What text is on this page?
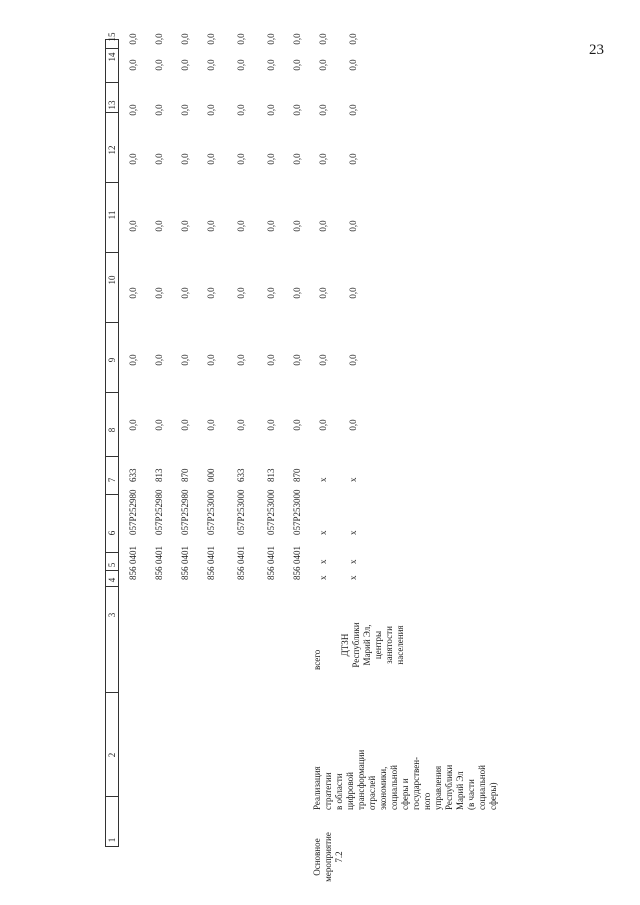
23
1
2
3
4
5
6
7
8
9
10
11
12
13
14
15
Основное мероприятие 7.2
Реализация стратегии в области цифровой трансформации отраслей экономики, социальной сферы и государствен- ного управления Республики Марий Эл (в части социальной сферы)
всего
ДТЗН Республики Марий Эл, центры занятости населения
856
0401
057P252980
633
0,0
0,0
0,0
0,0
0,0
0,0
0,0
0,0
856
0401
057P252980
813
0,0
0,0
0,0
0,0
0,0
0,0
0,0
0,0
856
0401
057P252980
870
0,0
0,0
0,0
0,0
0,0
0,0
0,0
0,0
856
0401
057P253000
000
0,0
0,0
0,0
0,0
0,0
0,0
0,0
0,0
856
0401
057P253000
633
0,0
0,0
0,0
0,0
0,0
0,0
0,0
0,0
856
0401
057P253000
813
0,0
0,0
0,0
0,0
0,0
0,0
0,0
0,0
856
0401
057P253000
870
0,0
0,0
0,0
0,0
0,0
0,0
0,0
0,0
х
х
х
х
0,0
0,0
0,0
0,0
0,0
0,0
0,0
0,0
х
х
х
х
0,0
0,0
0,0
0,0
0,0
0,0
0,0
0,0
